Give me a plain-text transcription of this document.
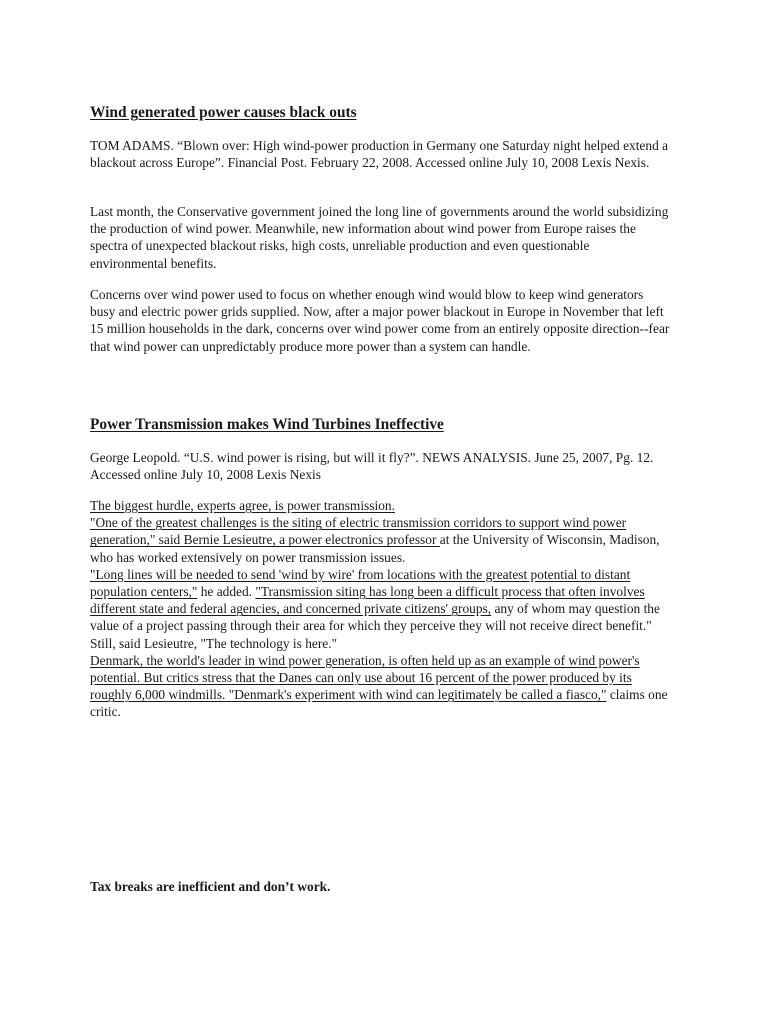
Wind generated power causes black outs

TOM ADAMS. “Blown over: High wind-power production in Germany one Saturday night helped extend a blackout across Europe”. Financial Post. February 22, 2008. Accessed online July 10, 2008 Lexis Nexis.

Last month, the Conservative government joined the long line of governments around the world subsidizing the production of wind power. Meanwhile, new information about wind power from Europe raises the spectra of unexpected blackout risks, high costs, unreliable production and even questionable environmental benefits.

Concerns over wind power used to focus on whether enough wind would blow to keep wind generators busy and electric power grids supplied. Now, after a major power blackout in Europe in November that left 15 million households in the dark, concerns over wind power come from an entirely opposite direction--fear that wind power can unpredictably produce more power than a system can handle.

Power Transmission makes Wind Turbines Ineffective

George Leopold. “U.S. wind power is rising, but will it fly?”. NEWS ANALYSIS. June 25, 2007, Pg. 12. Accessed online July 10, 2008 Lexis Nexis

The biggest hurdle, experts agree, is power transmission.

"One of the greatest challenges is the siting of electric transmission corridors to support wind power generation," said Bernie Lesieutre, a power electronics professor at the University of Wisconsin, Madison, who has worked extensively on power transmission issues.

"Long lines will be needed to send 'wind by wire' from locations with the greatest potential to distant population centers," he added. "Transmission siting has long been a difficult process that often involves different state and federal agencies, and concerned private citizens' groups, any of whom may question the value of a project passing through their area for which they perceive they will not receive direct benefit."

Still, said Lesieutre, "The technology is here."

Denmark, the world's leader in wind power generation, is often held up as an example of wind power's potential. But critics stress that the Danes can only use about 16 percent of the power produced by its roughly 6,000 windmills. "Denmark's experiment with wind can legitimately be called a fiasco," claims one critic.

Tax breaks are inefficient and don’t work.
